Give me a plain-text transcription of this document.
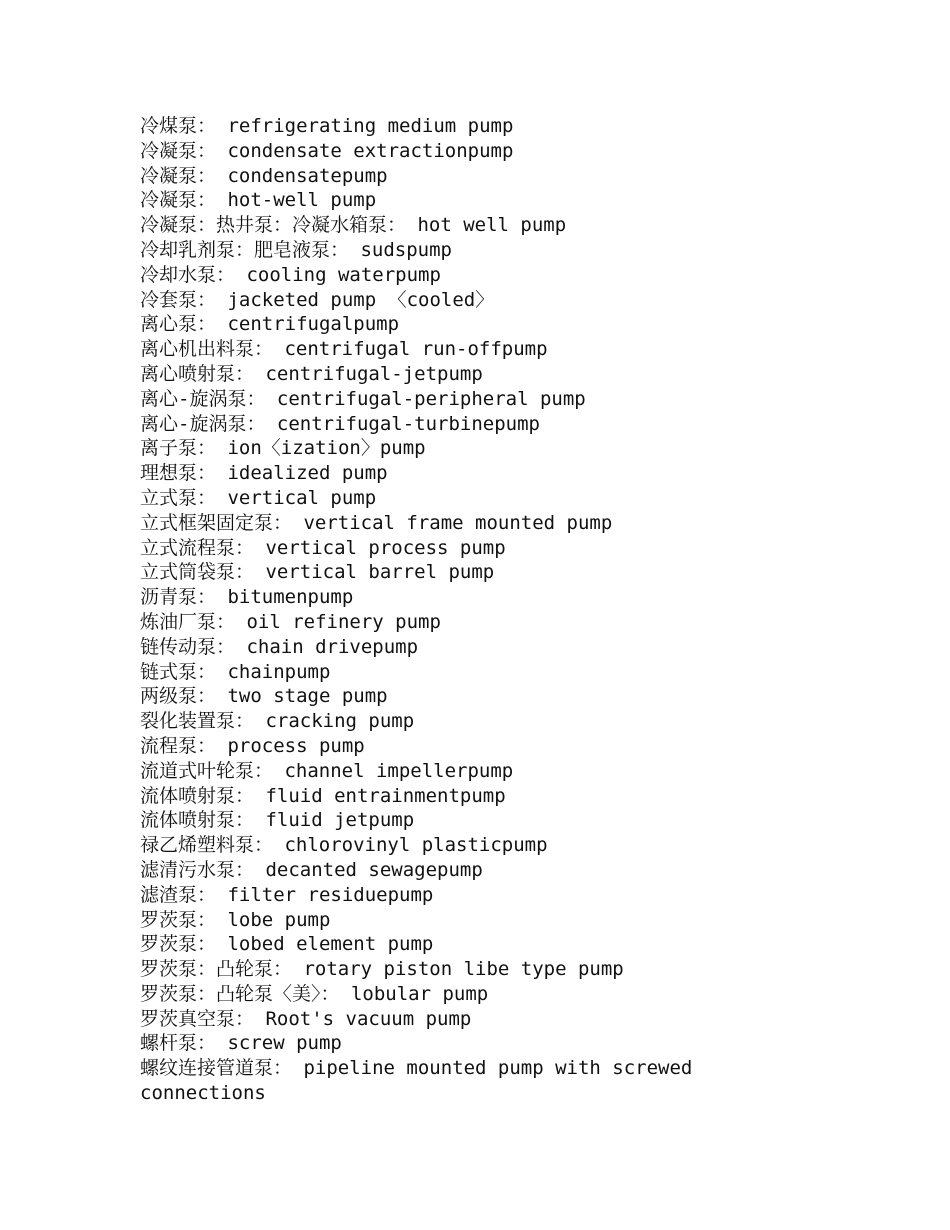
冷煤泵： refrigerating medium pump
冷凝泵： condensate extractionpump
冷凝泵： condensatepump
冷凝泵： hot-well pump
冷凝泵：热井泵：冷凝水箱泵： hot well pump
冷却乳剂泵：肥皂液泵： sudspump
冷却水泵： cooling waterpump
冷套泵： jacketed pump 〈cooled〉
离心泵： centrifugalpump
离心机出料泵： centrifugal run-offpump
离心喷射泵： centrifugal-jetpump
离心-旋涡泵： centrifugal-peripheral pump
离心-旋涡泵： centrifugal-turbinepump
离子泵： ion〈ization〉pump
理想泵： idealized pump
立式泵： vertical pump
立式框架固定泵： vertical frame mounted pump
立式流程泵： vertical process pump
立式筒袋泵： vertical barrel pump
沥青泵： bitumenpump
炼油厂泵： oil refinery pump
链传动泵： chain drivepump
链式泵： chainpump
两级泵： two stage pump
裂化装置泵： cracking pump
流程泵： process pump
流道式叶轮泵： channel impellerpump
流体喷射泵： fluid entrainmentpump
流体喷射泵： fluid jetpump
禄乙烯塑料泵： chlorovinyl plasticpump
滤清污水泵： decanted sewagepump
滤渣泵： filter residuepump
罗茨泵： lobe pump
罗茨泵： lobed element pump
罗茨泵：凸轮泵： rotary piston libe type pump
罗茨泵：凸轮泵〈美〉： lobular pump
罗茨真空泵： Root's vacuum pump
螺杆泵： screw pump
螺纹连接管道泵： pipeline mounted pump with screwed connections
